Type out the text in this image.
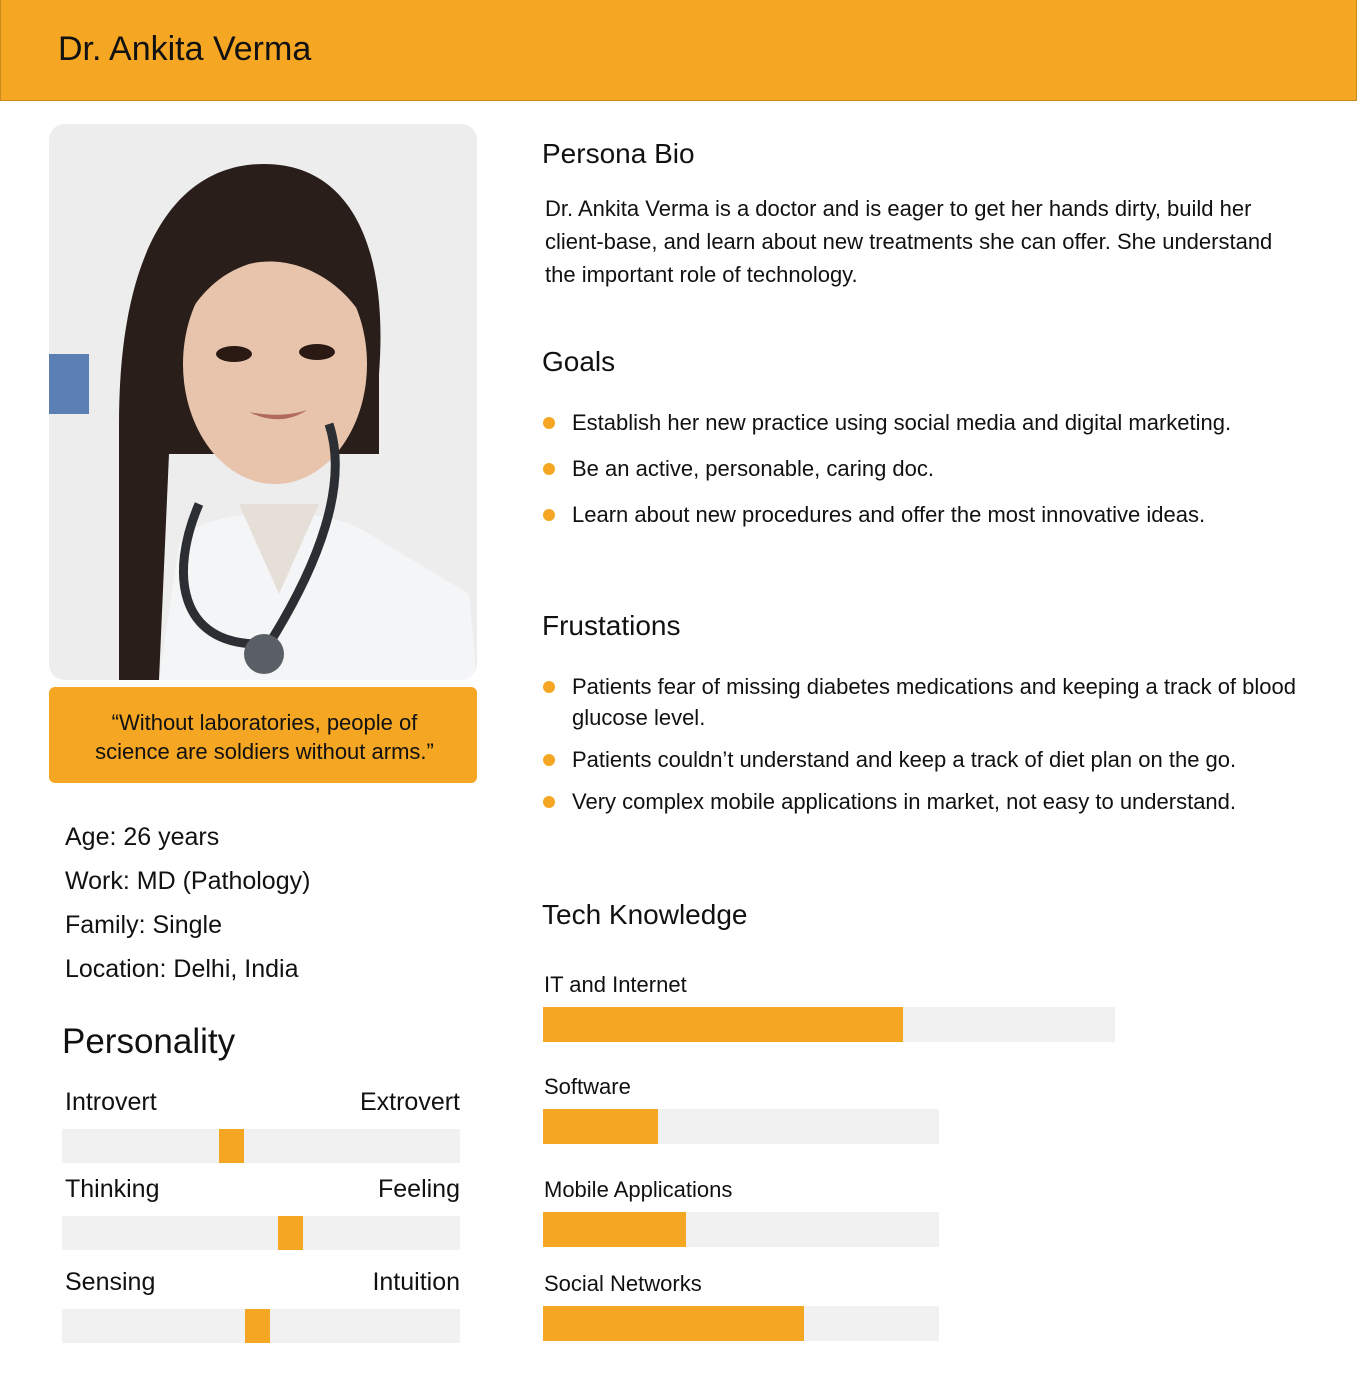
Dr. Ankita Verma
“Without laboratories, people of science are soldiers without arms.”
Age: 26 years
Work: MD (Pathology)
Family: Single
Location: Delhi, India
Personality
Introvert	Extrovert
Thinking	Feeling
Sensing	Intuition
Persona Bio
Dr. Ankita Verma is a doctor and is eager to get her hands dirty, build her client-base, and learn about new treatments she can offer. She understand the important role of technology.
Goals
Establish her new practice using social media and digital marketing.
Be an active, personable, caring doc.
Learn about new procedures and offer the most innovative ideas.
Frustations
Patients fear of missing diabetes medications and keeping a track of blood glucose level.
Patients couldn’t understand and keep a track of diet plan on the go.
Very complex mobile applications in market, not easy to understand.
Tech Knowledge
IT and Internet
Software
Mobile Applications
Social Networks
